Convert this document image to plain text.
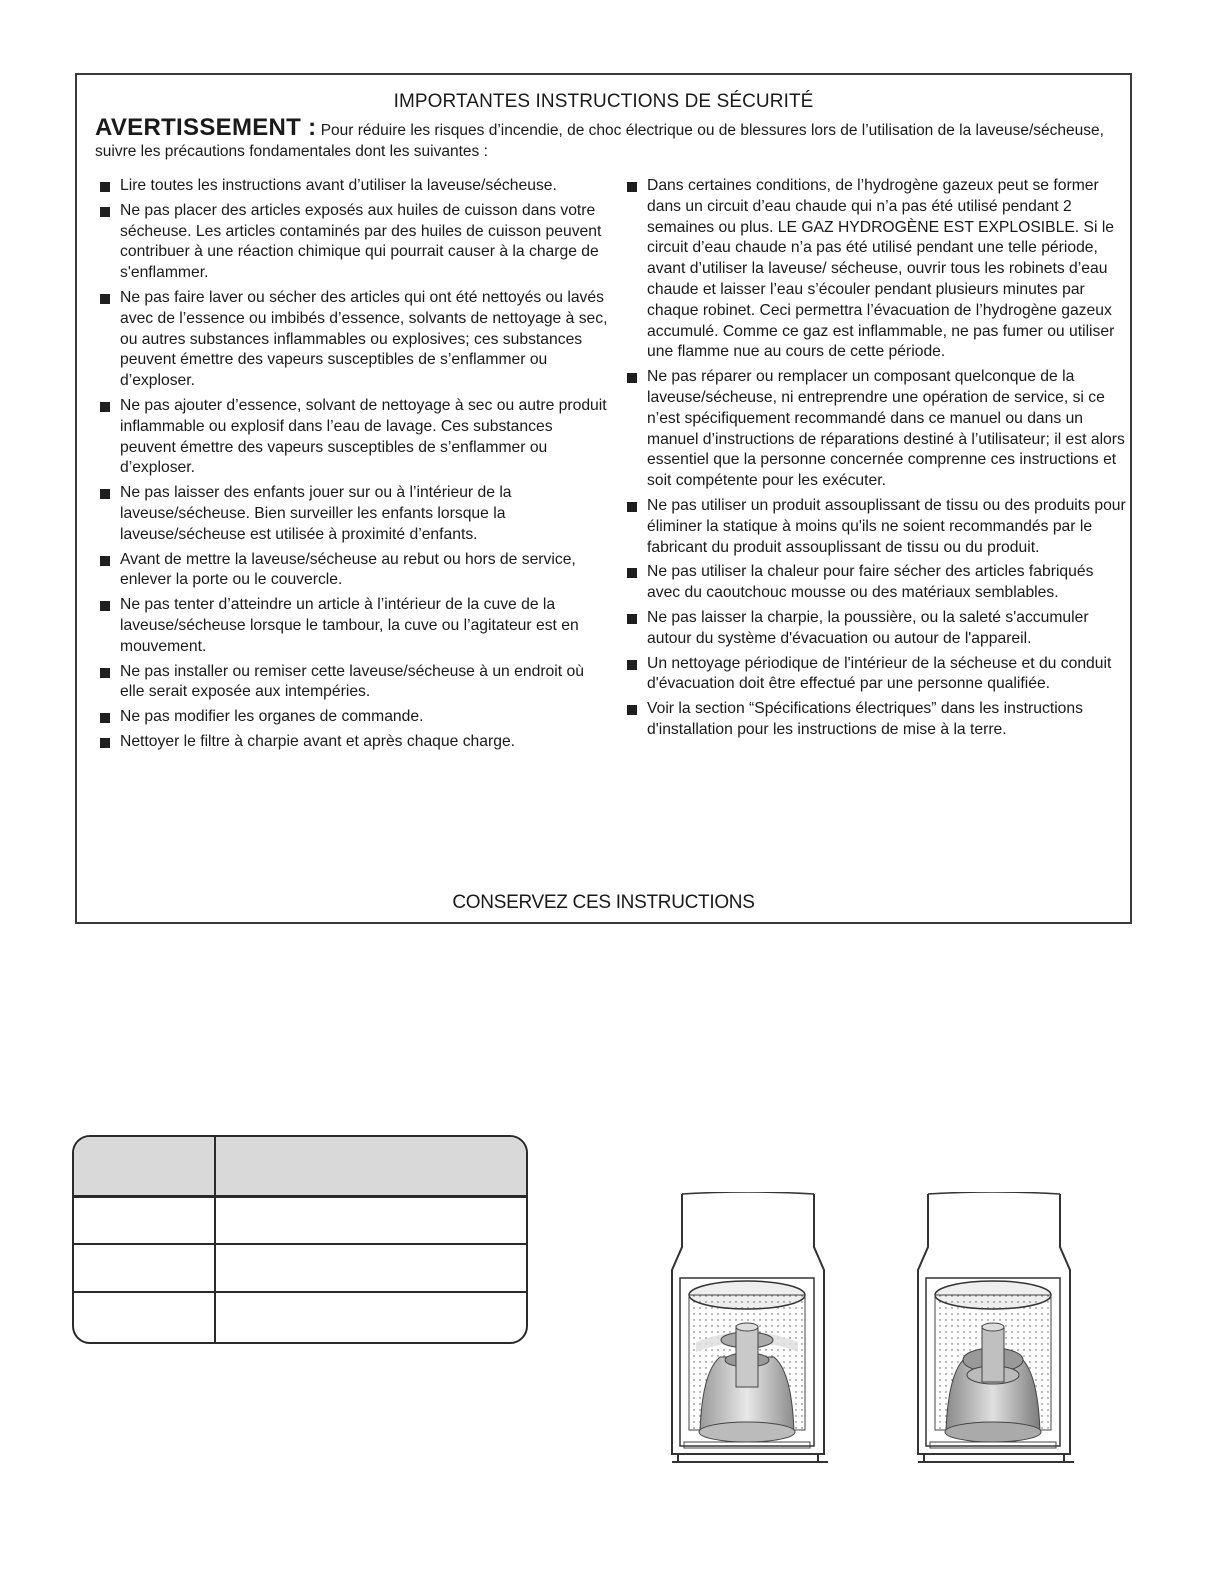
IMPORTANTES INSTRUCTIONS DE SÉCURITÉ
AVERTISSEMENT : Pour réduire les risques d’incendie, de choc électrique ou de blessures lors de l’utilisation de la laveuse/sécheuse, suivre les précautions fondamentales dont les suivantes :
Lire toutes les instructions avant d’utiliser la laveuse/sécheuse.
Ne pas placer des articles exposés aux huiles de cuisson dans votre sécheuse. Les articles contaminés par des huiles de cuisson peuvent contribuer à une réaction chimique qui pourrait causer à la charge de s'enflammer.
Ne pas faire laver ou sécher des articles qui ont été nettoyés ou lavés avec de l’essence ou imbibés d’essence, solvants de nettoyage à sec, ou autres substances inflammables ou explosives; ces substances peuvent émettre des vapeurs susceptibles de s’enflammer ou d’exploser.
Ne pas ajouter d’essence, solvant de nettoyage à sec ou autre produit inflammable ou explosif dans l’eau de lavage. Ces substances peuvent émettre des vapeurs susceptibles de s’enflammer ou d’exploser.
Ne pas laisser des enfants jouer sur ou à l’intérieur de la laveuse/sécheuse. Bien surveiller les enfants lorsque la laveuse/sécheuse est utilisée à proximité d’enfants.
Avant de mettre la laveuse/sécheuse au rebut ou hors de service, enlever la porte ou le couvercle.
Ne pas tenter d’atteindre un article à l’intérieur de la cuve de la laveuse/sécheuse lorsque le tambour, la cuve ou l’agitateur est en mouvement.
Ne pas installer ou remiser cette laveuse/sécheuse à un endroit où elle serait exposée aux intempéries.
Ne pas modifier les organes de commande.
Nettoyer le filtre à charpie avant et après chaque charge.
Dans certaines conditions, de l’hydrogène gazeux peut se former dans un circuit d’eau chaude qui n’a pas été utilisé pendant 2 semaines ou plus. LE GAZ HYDROGÈNE EST EXPLOSIBLE. Si le circuit d’eau chaude n’a pas été utilisé pendant une telle période, avant d’utiliser la laveuse/ sécheuse, ouvrir tous les robinets d’eau chaude et laisser l’eau s’écouler pendant plusieurs minutes par chaque robinet. Ceci permettra l’évacuation de l’hydrogène gazeux accumulé. Comme ce gaz est inflammable, ne pas fumer ou utiliser une flamme nue au cours de cette période.
Ne pas réparer ou remplacer un composant quelconque de la laveuse/sécheuse, ni entreprendre une opération de service, si ce n’est spécifiquement recommandé dans ce manuel ou dans un manuel d’instructions de réparations destiné à l’utilisateur; il est alors essentiel que la personne concernée comprenne ces instructions et soit compétente pour les exécuter.
Ne pas utiliser un produit assouplissant de tissu ou des produits pour éliminer la statique à moins qu'ils ne soient recommandés par le fabricant du produit assouplissant de tissu ou du produit.
Ne pas utiliser la chaleur pour faire sécher des articles fabriqués avec du caoutchouc mousse ou des matériaux semblables.
Ne pas laisser la charpie, la poussière, ou la saleté s'accumuler autour du système d'évacuation ou autour de l'appareil.
Un nettoyage périodique de l'intérieur de la sécheuse et du conduit d'évacuation doit être effectué par une personne qualifiée.
Voir la section “Spécifications électriques” dans les instructions d'installation pour les instructions de mise à la terre.
CONSERVEZ CES INSTRUCTIONS
